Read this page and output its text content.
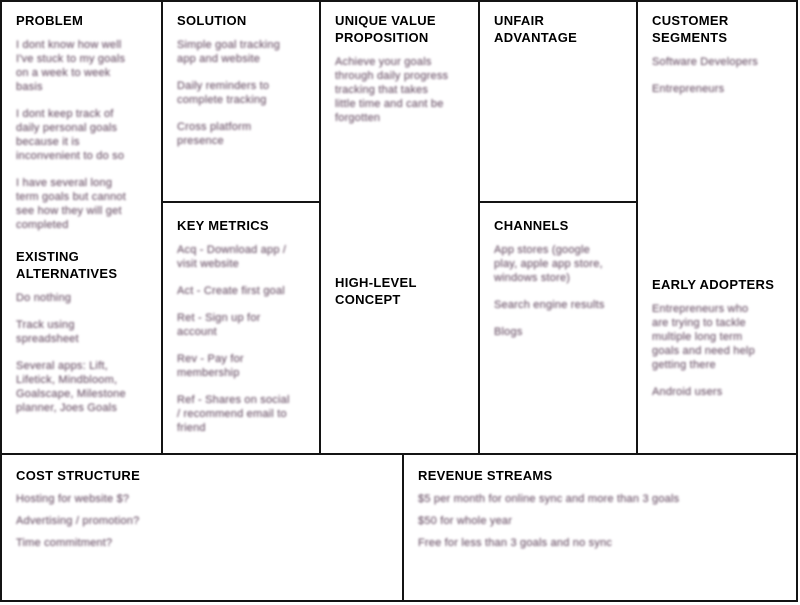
PROBLEM

I dont know how well I've stuck to my goals on a week to week basis

I dont keep track of daily personal goals because it is inconvenient to do so

I have several long term goals but cannot see how they will get completed

EXISTING ALTERNATIVES

Do nothing

Track using spreadsheet

Several apps: Lift, Lifetick, Mindbloom, Goalscape, Milestone planner, Joes Goals

SOLUTION

Simple goal tracking app and website

Daily reminders to complete tracking

Cross platform presence

KEY METRICS

Acq - Download app / visit website

Act - Create first goal

Ret - Sign up for account

Rev - Pay for membership

Ref - Shares on social / recommend email to friend

UNIQUE VALUE PROPOSITION

Achieve your goals through daily progress tracking that takes little time and cant be forgotten

HIGH-LEVEL CONCEPT
UNFAIR ADVANTAGE
CHANNELS

App stores (google play, apple app store, windows store)

Search engine results

Blogs

CUSTOMER SEGMENTS

Software Developers

Entrepreneurs

EARLY ADOPTERS

Entrepreneurs who are trying to tackle multiple long term goals and need help getting there

Android users

COST STRUCTURE

Hosting for website $?

Advertising / promotion?

Time commitment?

REVENUE STREAMS

$5 per month for online sync and more than 3 goals

$50 for whole year

Free for less than 3 goals and no sync
